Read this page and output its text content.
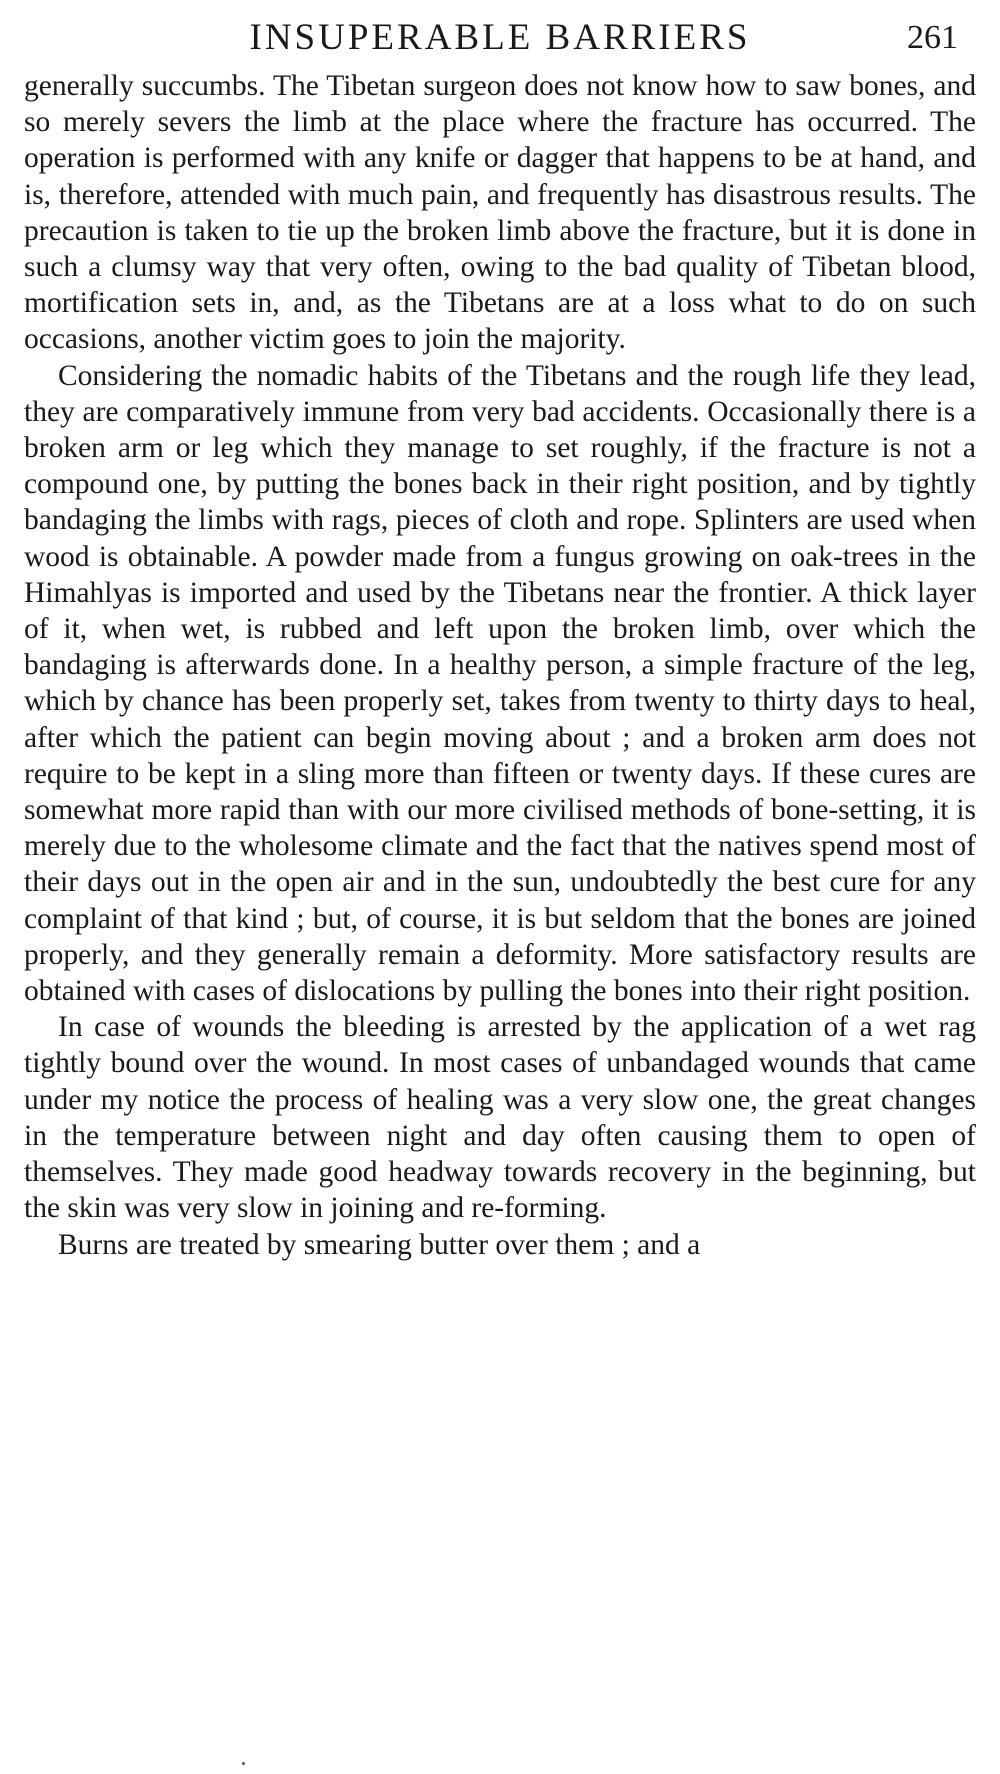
INSUPERABLE BARRIERS	261

generally succumbs. The Tibetan surgeon does not know how to saw bones, and so merely severs the limb at the place where the fracture has occurred. The operation is performed with any knife or dagger that happens to be at hand, and is, therefore, attended with much pain, and frequently has disastrous results. The precaution is taken to tie up the broken limb above the fracture, but it is done in such a clumsy way that very often, owing to the bad quality of Tibetan blood, mortification sets in, and, as the Tibetans are at a loss what to do on such occasions, another victim goes to join the majority.

Considering the nomadic habits of the Tibetans and the rough life they lead, they are comparatively immune from very bad accidents. Occasionally there is a broken arm or leg which they manage to set roughly, if the fracture is not a compound one, by putting the bones back in their right position, and by tightly bandaging the limbs with rags, pieces of cloth and rope. Splinters are used when wood is obtainable. A powder made from a fungus growing on oak-trees in the Himahlyas is imported and used by the Tibetans near the frontier. A thick layer of it, when wet, is rubbed and left upon the broken limb, over which the bandaging is afterwards done. In a healthy person, a simple fracture of the leg, which by chance has been properly set, takes from twenty to thirty days to heal, after which the patient can begin moving about ; and a broken arm does not require to be kept in a sling more than fifteen or twenty days. If these cures are somewhat more rapid than with our more civilised methods of bone-setting, it is merely due to the wholesome climate and the fact that the natives spend most of their days out in the open air and in the sun, undoubtedly the best cure for any complaint of that kind ; but, of course, it is but seldom that the bones are joined properly, and they generally remain a deformity. More satisfactory results are obtained with cases of dislocations by pulling the bones into their right position.

In case of wounds the bleeding is arrested by the application of a wet rag tightly bound over the wound. In most cases of unbandaged wounds that came under my notice the process of healing was a very slow one, the great changes in the temperature between night and day often causing them to open of themselves. They made good headway towards recovery in the beginning, but the skin was very slow in joining and re-forming.

Burns are treated by smearing butter over them ; and a
